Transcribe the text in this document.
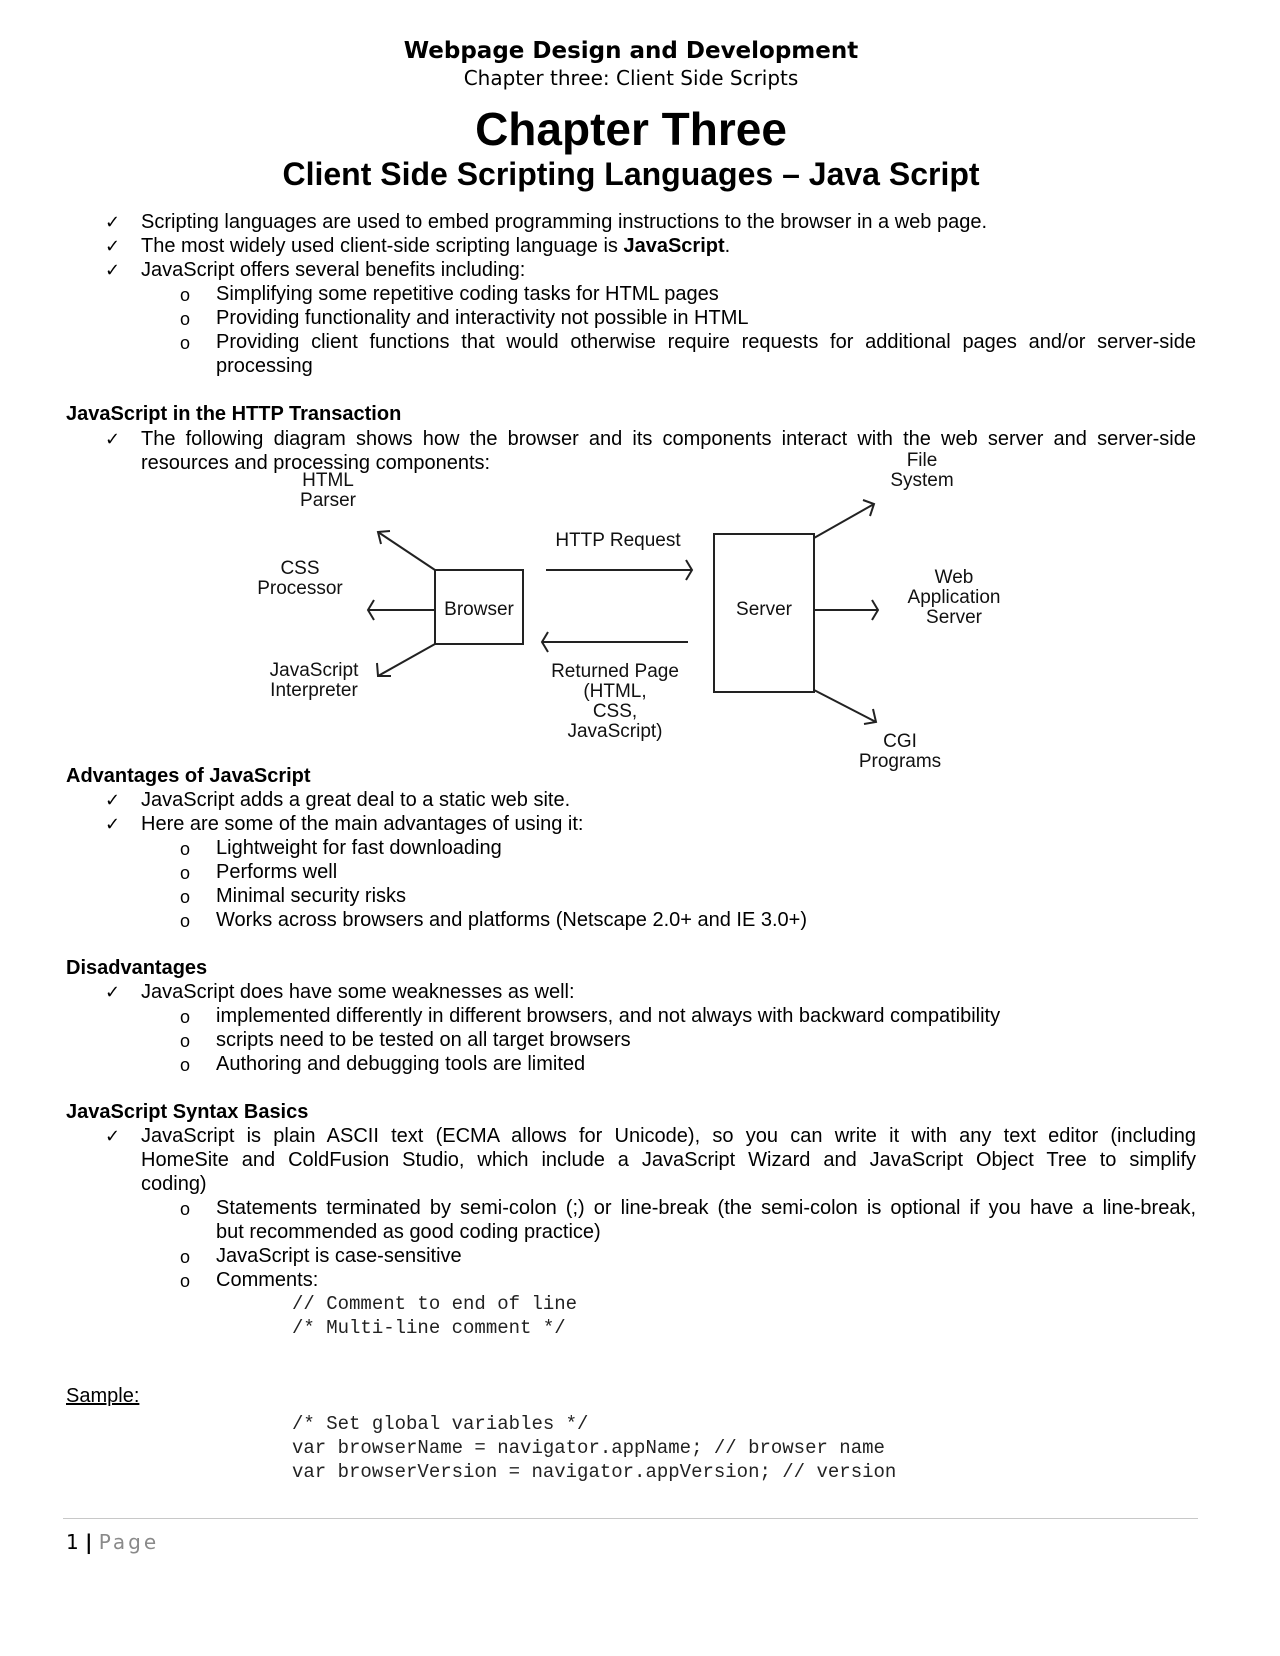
Webpage Design and Development
Chapter three: Client Side Scripts
Chapter Three
Client Side Scripting Languages – Java Script
✓ Scripting languages are used to embed programming instructions to the browser in a web page.
✓ The most widely used client-side scripting language is JavaScript.
✓ JavaScript offers several benefits including:
o Simplifying some repetitive coding tasks for HTML pages
o Providing functionality and interactivity not possible in HTML
o Providing client functions that would otherwise require requests for additional pages and/or server-side
processing
JavaScript in the HTTP Transaction
✓ The following diagram shows how the browser and its components interact with the web server and server-side
resources and processing components:
HTML
Parser
CSS
Processor
JavaScript
Interpreter
Browser
HTTP Request
Returned Page
(HTML,
CSS,
JavaScript)
Server
File
System
Web
Application
Server
CGI
Programs
Advantages of JavaScript
✓ JavaScript adds a great deal to a static web site.
✓ Here are some of the main advantages of using it:
o Lightweight for fast downloading
o Performs well
o Minimal security risks
o Works across browsers and platforms (Netscape 2.0+ and IE 3.0+)
Disadvantages
✓ JavaScript does have some weaknesses as well:
o implemented differently in different browsers, and not always with backward compatibility
o scripts need to be tested on all target browsers
o Authoring and debugging tools are limited
JavaScript Syntax Basics
✓ JavaScript is plain ASCII text (ECMA allows for Unicode), so you can write it with any text editor (including
HomeSite and ColdFusion Studio, which include a JavaScript Wizard and JavaScript Object Tree to simplify
coding)
o Statements terminated by semi-colon (;) or line-break (the semi-colon is optional if you have a line-break,
but recommended as good coding practice)
o JavaScript is case-sensitive
o Comments:
// Comment to end of line
/* Multi-line comment */
Sample:
/* Set global variables */
var browserName = navigator.appName; // browser name
var browserVersion = navigator.appVersion; // version
1 | Page
